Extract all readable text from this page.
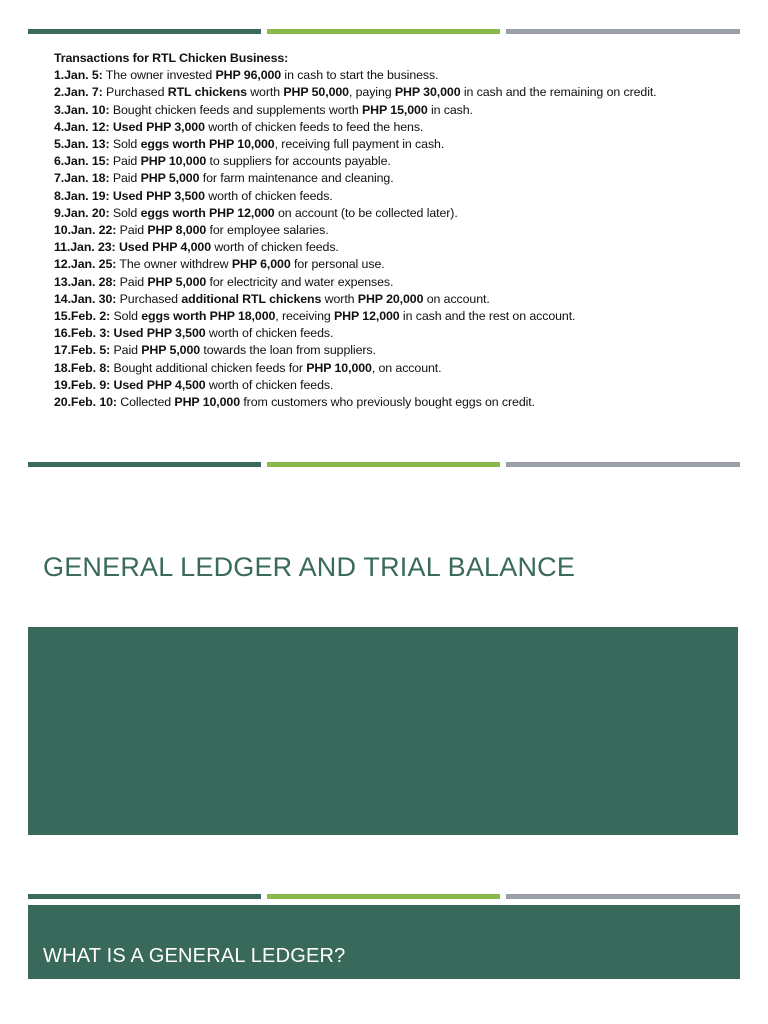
Transactions for RTL Chicken Business:
1.Jan. 5: The owner invested PHP 96,000 in cash to start the business.
2.Jan. 7: Purchased RTL chickens worth PHP 50,000, paying PHP 30,000 in cash and the remaining on credit.
3.Jan. 10: Bought chicken feeds and supplements worth PHP 15,000 in cash.
4.Jan. 12: Used PHP 3,000 worth of chicken feeds to feed the hens.
5.Jan. 13: Sold eggs worth PHP 10,000, receiving full payment in cash.
6.Jan. 15: Paid PHP 10,000 to suppliers for accounts payable.
7.Jan. 18: Paid PHP 5,000 for farm maintenance and cleaning.
8.Jan. 19: Used PHP 3,500 worth of chicken feeds.
9.Jan. 20: Sold eggs worth PHP 12,000 on account (to be collected later).
10.Jan. 22: Paid PHP 8,000 for employee salaries.
11.Jan. 23: Used PHP 4,000 worth of chicken feeds.
12.Jan. 25: The owner withdrew PHP 6,000 for personal use.
13.Jan. 28: Paid PHP 5,000 for electricity and water expenses.
14.Jan. 30: Purchased additional RTL chickens worth PHP 20,000 on account.
15.Feb. 2: Sold eggs worth PHP 18,000, receiving PHP 12,000 in cash and the rest on account.
16.Feb. 3: Used PHP 3,500 worth of chicken feeds.
17.Feb. 5: Paid PHP 5,000 towards the loan from suppliers.
18.Feb. 8: Bought additional chicken feeds for PHP 10,000, on account.
19.Feb. 9: Used PHP 4,500 worth of chicken feeds.
20.Feb. 10: Collected PHP 10,000 from customers who previously bought eggs on credit.
GENERAL LEDGER AND TRIAL BALANCE
WHAT IS A GENERAL LEDGER?
